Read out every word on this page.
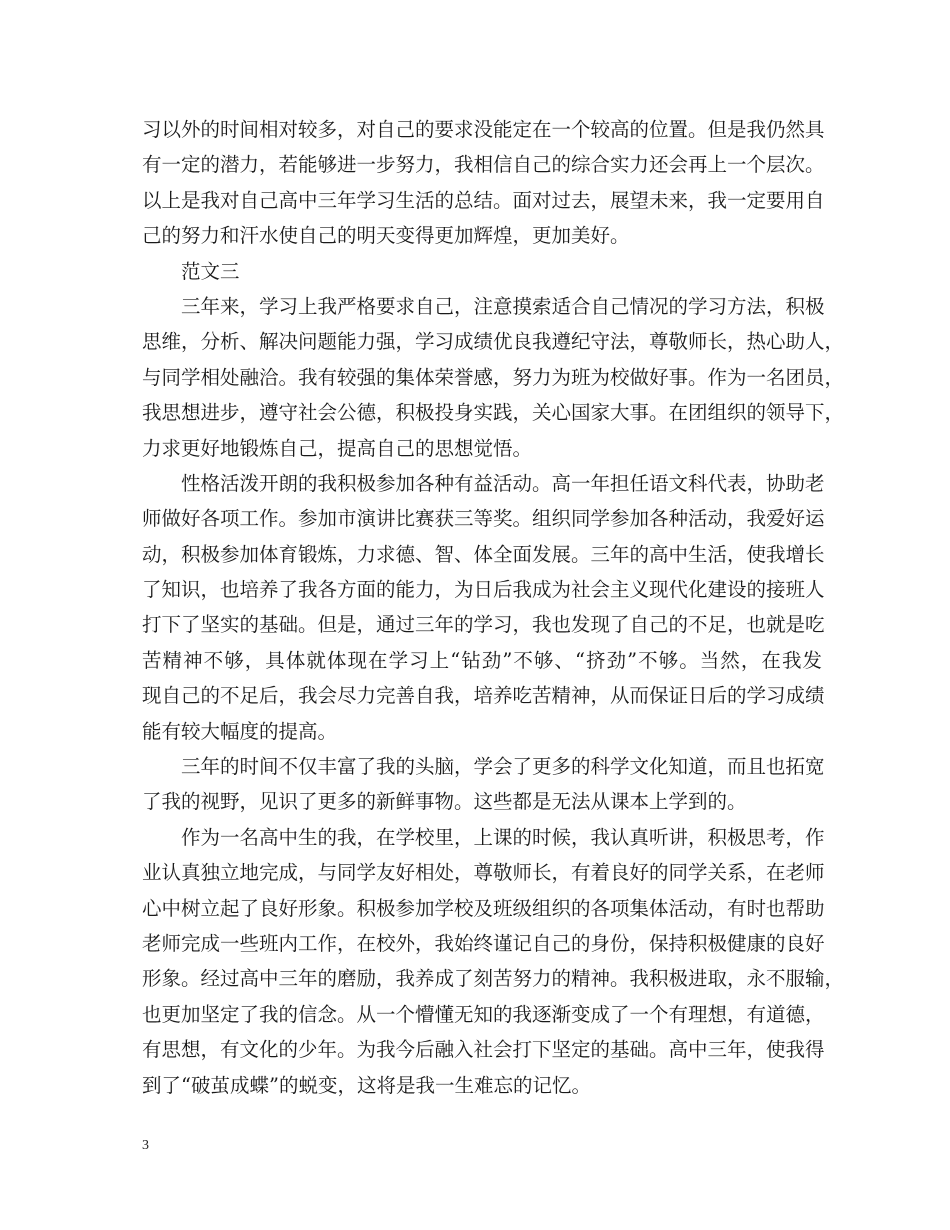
习以外的时间相对较多，对自己的要求没能定在一个较高的位置。但是我仍然具
有一定的潜力，若能够进一步努力，我相信自己的综合实力还会再上一个层次。
以上是我对自己高中三年学习生活的总结。面对过去，展望未来，我一定要用自
己的努力和汗水使自己的明天变得更加辉煌，更加美好。
范文三
三年来，学习上我严格要求自己，注意摸索适合自己情况的学习方法，积极
思维，分析、解决问题能力强，学习成绩优良我遵纪守法，尊敬师长，热心助人，
与同学相处融洽。我有较强的集体荣誉感，努力为班为校做好事。作为一名团员，
我思想进步，遵守社会公德，积极投身实践，关心国家大事。在团组织的领导下，
力求更好地锻炼自己，提高自己的思想觉悟。
性格活泼开朗的我积极参加各种有益活动。高一年担任语文科代表，协助老
师做好各项工作。参加市演讲比赛获三等奖。组织同学参加各种活动，我爱好运
动，积极参加体育锻炼，力求德、智、体全面发展。三年的高中生活，使我增长
了知识，也培养了我各方面的能力，为日后我成为社会主义现代化建设的接班人
打下了坚实的基础。但是，通过三年的学习，我也发现了自己的不足，也就是吃
苦精神不够，具体就体现在学习上“钻劲”不够、“挤劲”不够。当然，在我发
现自己的不足后，我会尽力完善自我，培养吃苦精神，从而保证日后的学习成绩
能有较大幅度的提高。
三年的时间不仅丰富了我的头脑，学会了更多的科学文化知道，而且也拓宽
了我的视野，见识了更多的新鲜事物。这些都是无法从课本上学到的。
作为一名高中生的我，在学校里，上课的时候，我认真听讲，积极思考，作
业认真独立地完成，与同学友好相处，尊敬师长，有着良好的同学关系，在老师
心中树立起了良好形象。积极参加学校及班级组织的各项集体活动，有时也帮助
老师完成一些班内工作，在校外，我始终谨记自己的身份，保持积极健康的良好
形象。经过高中三年的磨励，我养成了刻苦努力的精神。我积极进取，永不服输，
也更加坚定了我的信念。从一个懵懂无知的我逐渐变成了一个有理想，有道德，
有思想，有文化的少年。为我今后融入社会打下坚定的基础。高中三年，使我得
到了“破茧成蝶”的蜕变，这将是我一生难忘的记忆。
3
